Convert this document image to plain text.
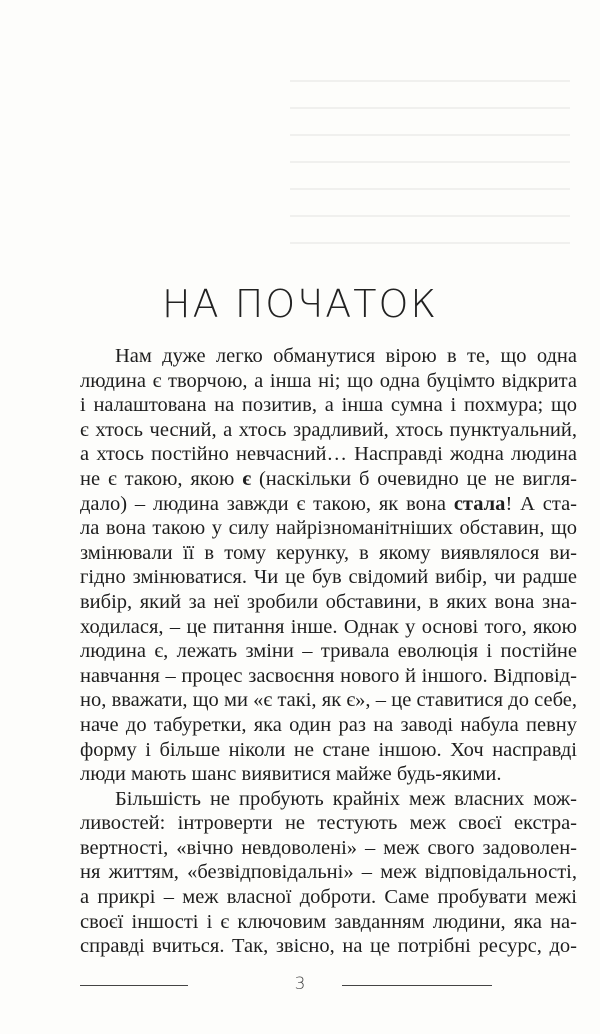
НА ПОЧАТОК
Нам дуже легко обманутися вірою в те, що одна
людина є творчою, а інша ні; що одна буцімто відкрита
і налаштована на позитив, а інша сумна і похмура; що
є хтось чесний, а хтось зрадливий, хтось пунктуальний,
а хтось постійно невчасний… Насправді жодна людина
не є такою, якою є (наскільки б очевидно це не вигля-
дало) – людина завжди є такою, як вона стала! А ста-
ла вона такою у силу найрізноманітніших обставин, що
змінювали її в тому керунку, в якому виявлялося ви-
гідно змінюватися. Чи це був свідомий вибір, чи радше
вибір, який за неї зробили обставини, в яких вона зна-
ходилася, – це питання інше. Однак у основі того, якою
людина є, лежать зміни – тривала еволюція і постійне
навчання – процес засвоєння нового й іншого. Відповід-
но, вважати, що ми «є такі, як є», – це ставитися до себе,
наче до табуретки, яка один раз на заводі набула певну
форму і більше ніколи не стане іншою. Хоч насправді
люди мають шанс виявитися майже будь-якими.
Більшість не пробують крайніх меж власних мож-
ливостей: інтроверти не тестують меж своєї екстра-
вертності, «вічно невдоволені» – меж свого задоволен-
ня життям, «безвідповідальні» – меж відповідальності,
а прикрі – меж власної доброти. Саме пробувати межі
своєї іншості і є ключовим завданням людини, яка на-
справді вчиться. Так, звісно, на це потрібні ресурс, до-
3
